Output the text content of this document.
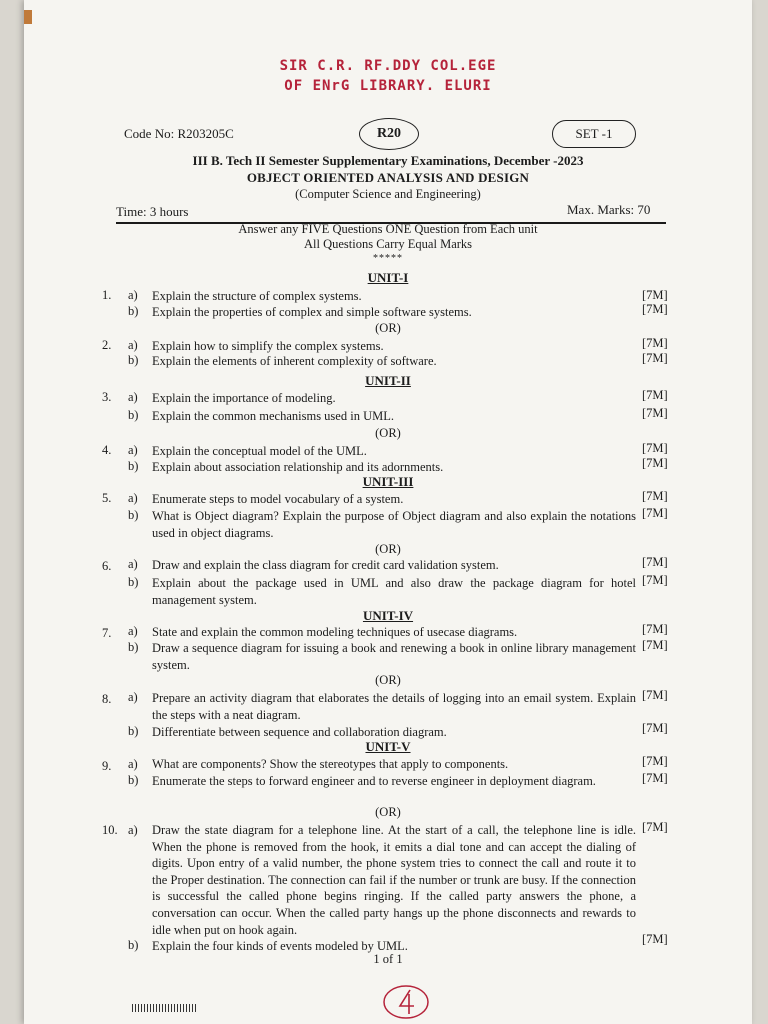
SIR C.R. RF.DDY COL.EGE
OF ENrG LIBRARY. ELURI
Code No: R203205C	R20	SET -1
III B. Tech II Semester Supplementary Examinations, December -2023
OBJECT ORIENTED ANALYSIS AND DESIGN
(Computer Science and Engineering)
Time: 3 hours	Max. Marks: 70
Answer any FIVE Questions ONE Question from Each unit
All Questions Carry Equal Marks
*****
UNIT-I
1. a) Explain the structure of complex systems.	[7M]
b) Explain the properties of complex and simple software systems.	[7M]
(OR)
2. a) Explain how to simplify the complex systems.	[7M]
b) Explain the elements of inherent complexity of software.	[7M]
UNIT-II
3. a) Explain the importance of modeling.	[7M]
b) Explain the common mechanisms used in UML.	[7M]
(OR)
4. a) Explain the conceptual model of the UML.	[7M]
b) Explain about association relationship and its adornments.	[7M]
UNIT-III
5. a) Enumerate steps to model vocabulary of a system.	[7M]
b) What is Object diagram? Explain the purpose of Object diagram and also explain the notations used in object diagrams.
[7M]
(OR)
6. a) Draw and explain the class diagram for credit card validation system.	[7M]
b) Explain about the package used in UML and also draw the package diagram for hotel management system.
[7M]
UNIT-IV
7. a) State and explain the common modeling techniques of usecase diagrams.	[7M]
b) Draw a sequence diagram for issuing a book and renewing a book in online library management system.
[7M]
(OR)
8. a) Prepare an activity diagram that elaborates the details of logging into an email system. Explain the steps with a neat diagram.
[7M]
b) Differentiate between sequence and collaboration diagram.	[7M]
UNIT-V
9. a) What are components? Show the stereotypes that apply to components.	[7M]
b) Enumerate the steps to forward engineer and to reverse engineer in deployment diagram.	[7M]
(OR)
10. a) Draw the state diagram for a telephone line. At the start of a call, the telephone line is idle. When the phone is removed from the hook, it emits a dial tone and can accept the dialing of digits. Upon entry of a valid number, the phone system tries to connect the call and route it to the Proper destination. The connection can fail if the number or trunk are busy. If the connection is successful the called phone begins ringing. If the called party answers the phone, a conversation can occur. When the called party hangs up the phone disconnects and rewards to idle when put on hook again.
[7M]
b) Explain the four kinds of events modeled by UML.	[7M]
1 of 1
